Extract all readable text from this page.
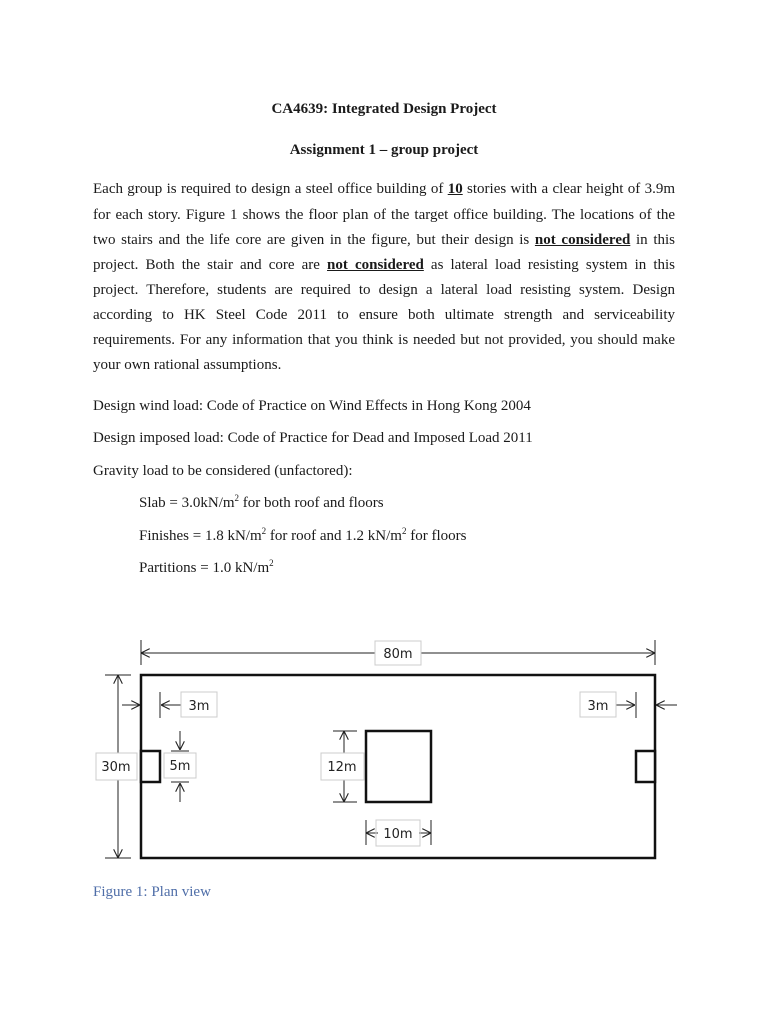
CA4639: Integrated Design Project
Assignment 1 – group project
Each group is required to design a steel office building of 10 stories with a clear height of 3.9m
for each story. Figure 1 shows the floor plan of the target office building. The locations of the
two stairs and the life core are given in the figure, but their design is not considered in this
project. Both the stair and core are not considered as lateral load resisting system in this
project. Therefore, students are required to design a lateral load resisting system. Design
according to HK Steel Code 2011 to ensure both ultimate strength and serviceability
requirements. For any information that you think is needed but not provided, you should make
your own rational assumptions.
Design wind load: Code of Practice on Wind Effects in Hong Kong 2004
Design imposed load: Code of Practice for Dead and Imposed Load 2011
Gravity load to be considered (unfactored):
Slab = $3.0kN/m^2$ for both roof and floors
Finishes = 1.8 $kN/m^2$ for roof and 1.2 $kN/m^2$ for floors
Partitions = 1.0 $kN/m^2$
80m
30m
3m	3m
5m	12m
10m
Figure 1: Plan view
